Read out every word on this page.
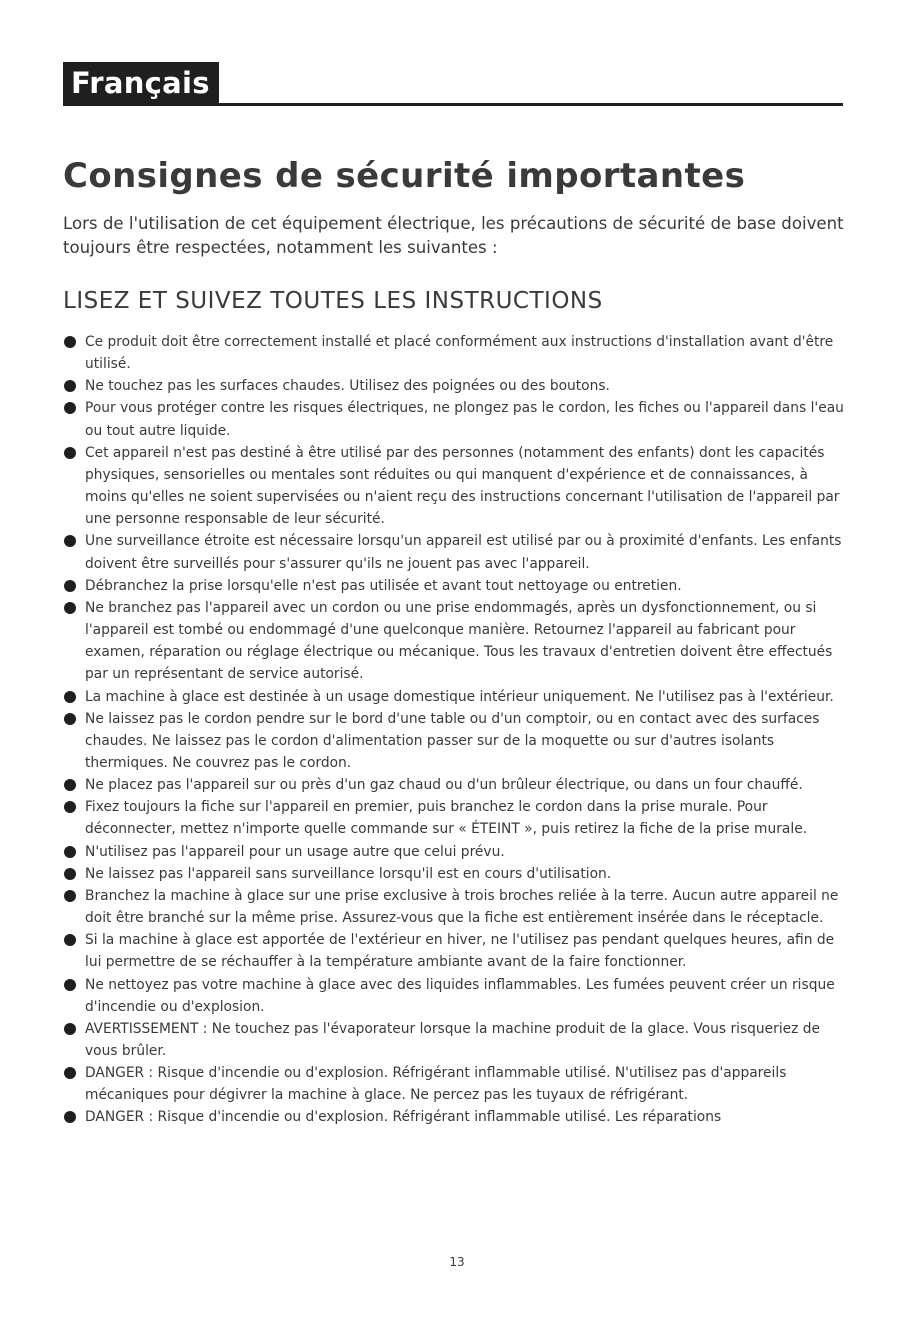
Français
Consignes de sécurité importantes

Lors de l'utilisation de cet équipement électrique, les précautions de sécurité de base doivent toujours être respectées, notamment les suivantes :

LISEZ ET SUIVEZ TOUTES LES INSTRUCTIONS
Ce produit doit être correctement installé et placé conformément aux instructions d'installation avant d'être utilisé.
Ne touchez pas les surfaces chaudes. Utilisez des poignées ou des boutons.
Pour vous protéger contre les risques électriques, ne plongez pas le cordon, les fiches ou l'appareil dans l'eau ou tout autre liquide.
Cet appareil n'est pas destiné à être utilisé par des personnes (notamment des enfants) dont les capacités physiques, sensorielles ou mentales sont réduites ou qui manquent d'expérience et de connaissances, à moins qu'elles ne soient supervisées ou n'aient reçu des instructions concernant l'utilisation de l'appareil par une personne responsable de leur sécurité.
Une surveillance étroite est nécessaire lorsqu'un appareil est utilisé par ou à proximité d'enfants. Les enfants doivent être surveillés pour s'assurer qu'ils ne jouent pas avec l'appareil.
Débranchez la prise lorsqu'elle n'est pas utilisée et avant tout nettoyage ou entretien.
Ne branchez pas l'appareil avec un cordon ou une prise endommagés, après un dysfonctionnement, ou si l'appareil est tombé ou endommagé d'une quelconque manière. Retournez l'appareil au fabricant pour examen, réparation ou réglage électrique ou mécanique. Tous les travaux d'entretien doivent être effectués par un représentant de service autorisé.
La machine à glace est destinée à un usage domestique intérieur uniquement. Ne l'utilisez pas à l'extérieur.
Ne laissez pas le cordon pendre sur le bord d'une table ou d'un comptoir, ou en contact avec des surfaces chaudes. Ne laissez pas le cordon d'alimentation passer sur de la moquette ou sur d'autres isolants thermiques. Ne couvrez pas le cordon.
Ne placez pas l'appareil sur ou près d'un gaz chaud ou d'un brûleur électrique, ou dans un four chauffé.
Fixez toujours la fiche sur l'appareil en premier, puis branchez le cordon dans la prise murale. Pour déconnecter, mettez n'importe quelle commande sur « ÉTEINT », puis retirez la fiche de la prise murale.
N'utilisez pas l'appareil pour un usage autre que celui prévu.
Ne laissez pas l'appareil sans surveillance lorsqu'il est en cours d'utilisation.
Branchez la machine à glace sur une prise exclusive à trois broches reliée à la terre. Aucun autre appareil ne doit être branché sur la même prise. Assurez-vous que la fiche est entièrement insérée dans le réceptacle.
Si la machine à glace est apportée de l'extérieur en hiver, ne l'utilisez pas pendant quelques heures, afin de lui permettre de se réchauffer à la température ambiante avant de la faire fonctionner.
Ne nettoyez pas votre machine à glace avec des liquides inflammables. Les fumées peuvent créer un risque d'incendie ou d'explosion.
AVERTISSEMENT : Ne touchez pas l'évaporateur lorsque la machine produit de la glace. Vous risqueriez de vous brûler.
DANGER : Risque d'incendie ou d'explosion. Réfrigérant inflammable utilisé. N'utilisez pas d'appareils mécaniques pour dégivrer la machine à glace. Ne percez pas les tuyaux de réfrigérant.
DANGER : Risque d'incendie ou d'explosion. Réfrigérant inflammable utilisé. Les réparations
13
